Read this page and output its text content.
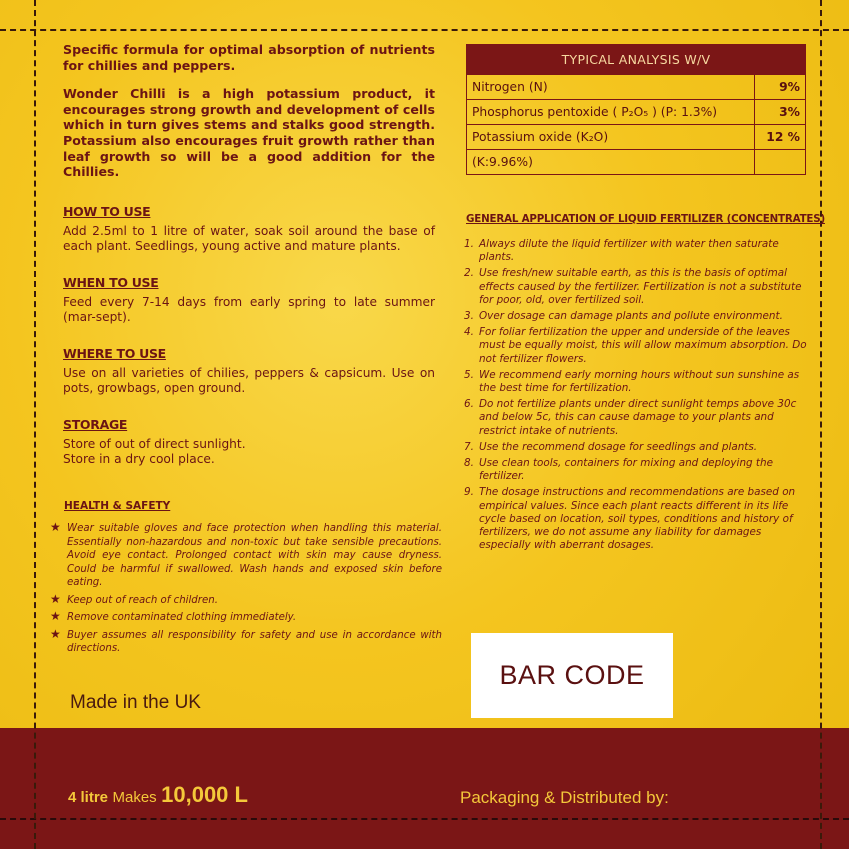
Specific formula for optimal absorption of nutrients for chillies and peppers.

Wonder Chilli is a high potassium product, it encourages strong growth and development of cells which in turn gives stems and stalks good strength. Potassium also encourages fruit growth rather than leaf growth so will be a good addition for the Chillies.

HOW TO USE

Add 2.5ml to 1 litre of water, soak soil around the base of each plant. Seedlings, young active and mature plants.

WHEN TO USE

Feed every 7-14 days from early spring to late summer (mar-sept).

WHERE TO USE

Use on all varieties of chilies, peppers & capsicum. Use on pots, growbags, open ground.

STORAGE

Store of out of direct sunlight.

Store in a dry cool place.

HEALTH & SAFETY
★ Wear suitable gloves and face protection when handling this material. Essentially non-hazardous and non-toxic but take sensible precautions. Avoid eye contact. Prolonged contact with skin may cause dryness. Could be harmful if swallowed. Wash hands and exposed skin before eating.
★ Keep out of reach of children.
★ Remove contaminated clothing immediately.
★ Buyer assumes all responsibility for safety and use in accordance with directions.
Made in the UK
TYPICAL ANALYSIS W/V	
Nitrogen (N)	9%
Phosphorus pentoxide ( P₂O₅ ) (P: 1.3%)	3%
Potassium oxide (K₂O)	12 %
(K:9.96%)	
GENERAL APPLICATION OF LIQUID FERTILIZER (CONCENTRATES)
1. Always dilute the liquid fertilizer with water then saturate plants.
2. Use fresh/new suitable earth, as this is the basis of optimal effects caused by the fertilizer. Fertilization is not a substitute for poor, old, over fertilized soil.
3. Over dosage can damage plants and pollute environment.
4. For foliar fertilization the upper and underside of the leaves must be equally moist, this will allow maximum absorption. Do not fertilizer flowers.
5. We recommend early morning hours without sun sunshine as the best time for fertilization.
6. Do not fertilize plants under direct sunlight temps above 30c and below 5c, this can cause damage to your plants and restrict intake of nutrients.
7. Use the recommend dosage for seedlings and plants.
8. Use clean tools, containers for mixing and deploying the fertilizer.
9. The dosage instructions and recommendations are based on empirical values. Since each plant reacts different in its life cycle based on location, soil types, conditions and history of fertilizers, we do not assume any liability for damages especially with aberrant dosages.
BAR CODE
4 litre Makes 10,000 L	Packaging & Distributed by:
